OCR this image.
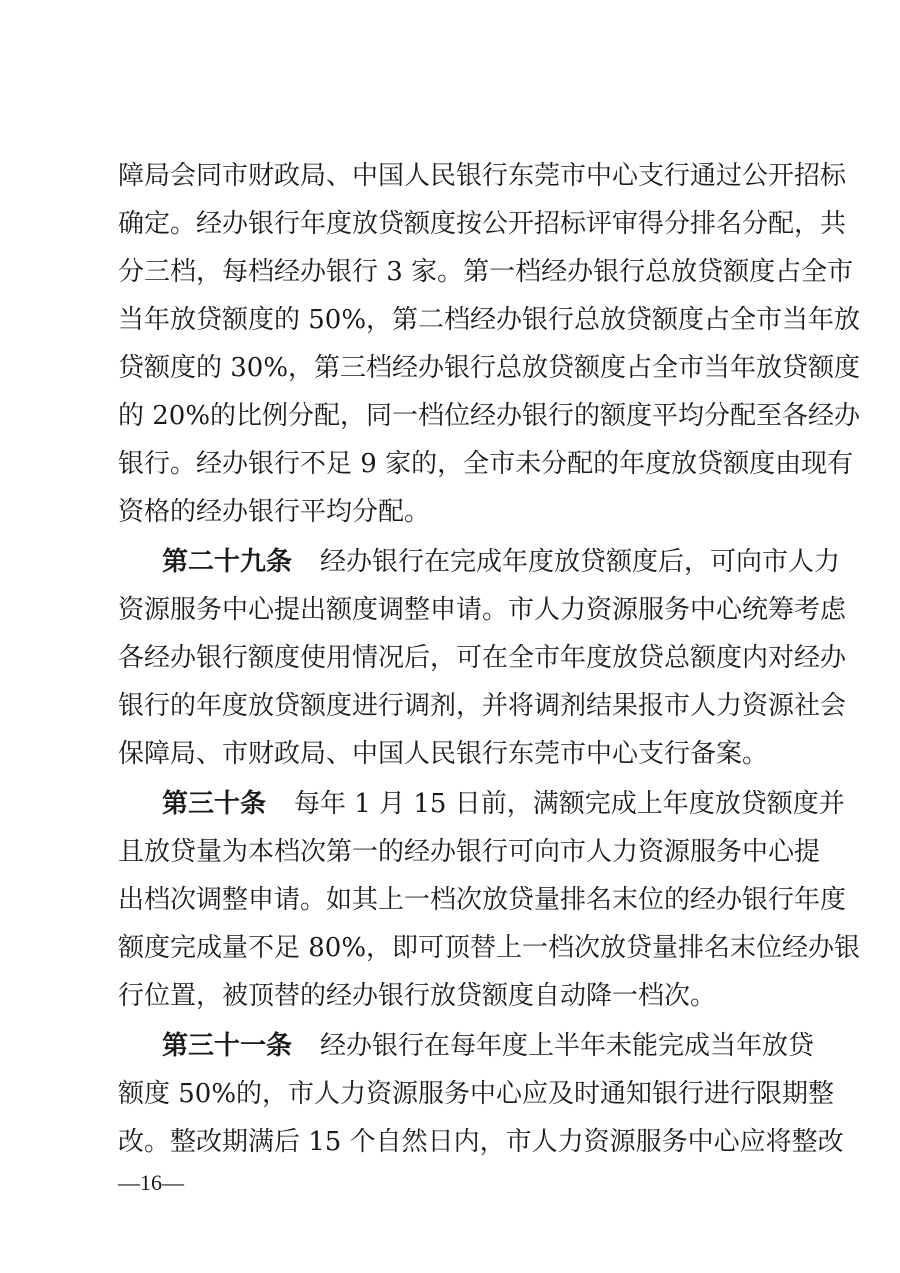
障局会同市财政局、中国人民银行东莞市中心支行通过公开招标
确定。经办银行年度放贷额度按公开招标评审得分排名分配，共
分三档，每档经办银行 3 家。第一档经办银行总放贷额度占全市
当年放贷额度的 50%，第二档经办银行总放贷额度占全市当年放
贷额度的 30%，第三档经办银行总放贷额度占全市当年放贷额度
的 20%的比例分配，同一档位经办银行的额度平均分配至各经办
银行。经办银行不足 9 家的，全市未分配的年度放贷额度由现有
资格的经办银行平均分配。
第二十九条 经办银行在完成年度放贷额度后，可向市人力
资源服务中心提出额度调整申请。市人力资源服务中心统筹考虑
各经办银行额度使用情况后，可在全市年度放贷总额度内对经办
银行的年度放贷额度进行调剂，并将调剂结果报市人力资源社会
保障局、市财政局、中国人民银行东莞市中心支行备案。
第三十条 每年 1 月 15 日前，满额完成上年度放贷额度并
且放贷量为本档次第一的经办银行可向市人力资源服务中心提
出档次调整申请。如其上一档次放贷量排名末位的经办银行年度
额度完成量不足 80%，即可顶替上一档次放贷量排名末位经办银
行位置，被顶替的经办银行放贷额度自动降一档次。
第三十一条 经办银行在每年度上半年未能完成当年放贷
—16—
额度 50%的，市人力资源服务中心应及时通知银行进行限期整
改。整改期满后 15 个自然日内，市人力资源服务中心应将整改
